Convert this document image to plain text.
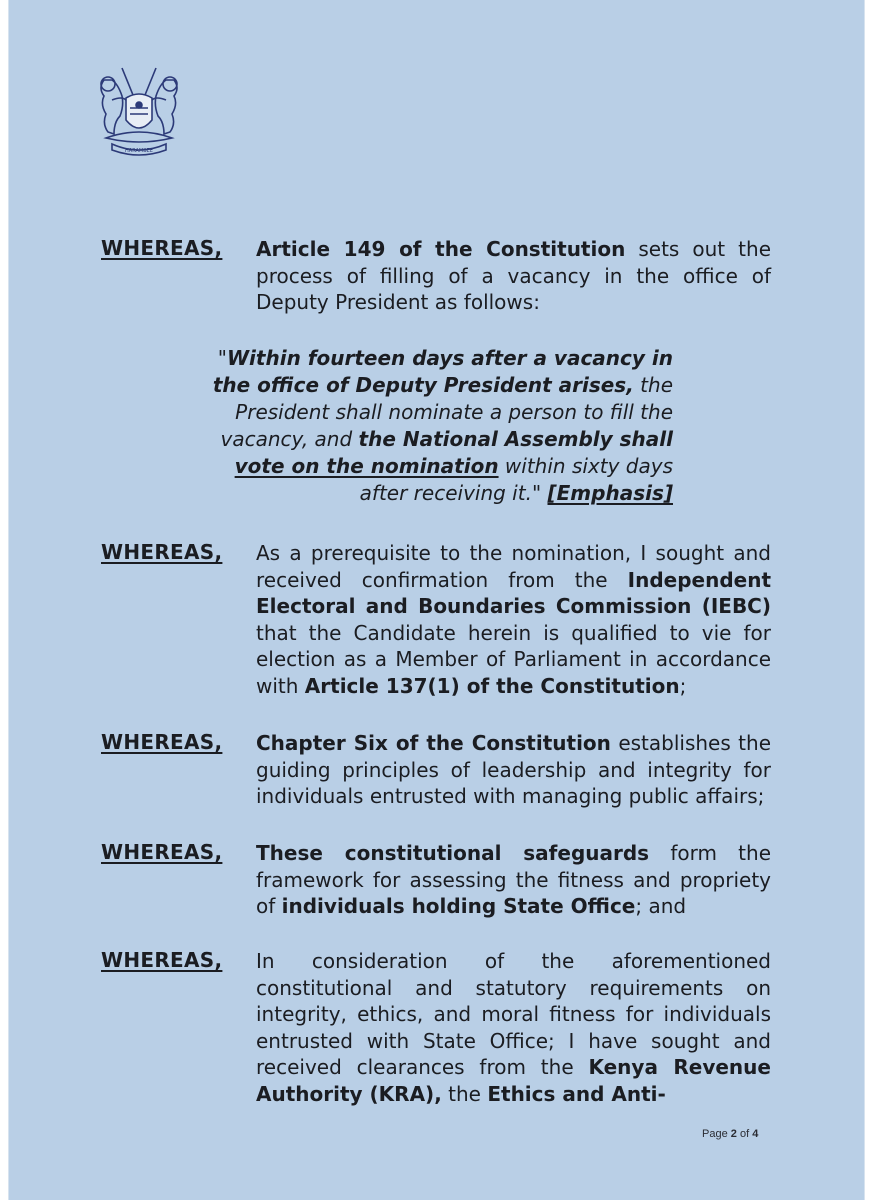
HARAMBEE
WHEREAS, Article 149 of the Constitution sets out the process of filling of a vacancy in the office of Deputy President as follows:
"Within fourteen days after a vacancy in the office of Deputy President arises, the President shall nominate a person to fill the vacancy, and the National Assembly shall vote on the nomination within sixty days after receiving it." [Emphasis]
WHEREAS, As a prerequisite to the nomination, I sought and received confirmation from the Independent Electoral and Boundaries Commission (IEBC) that the Candidate herein is qualified to vie for election as a Member of Parliament in accordance with Article 137(1) of the Constitution;
WHEREAS, Chapter Six of the Constitution establishes the guiding principles of leadership and integrity for individuals entrusted with managing public affairs;
WHEREAS, These constitutional safeguards form the framework for assessing the fitness and propriety of individuals holding State Office; and
WHEREAS, In consideration of the aforementioned constitutional and statutory requirements on integrity, ethics, and moral fitness for individuals entrusted with State Office; I have sought and received clearances from the Kenya Revenue Authority (KRA), the Ethics and Anti-
Page 2 of 4
